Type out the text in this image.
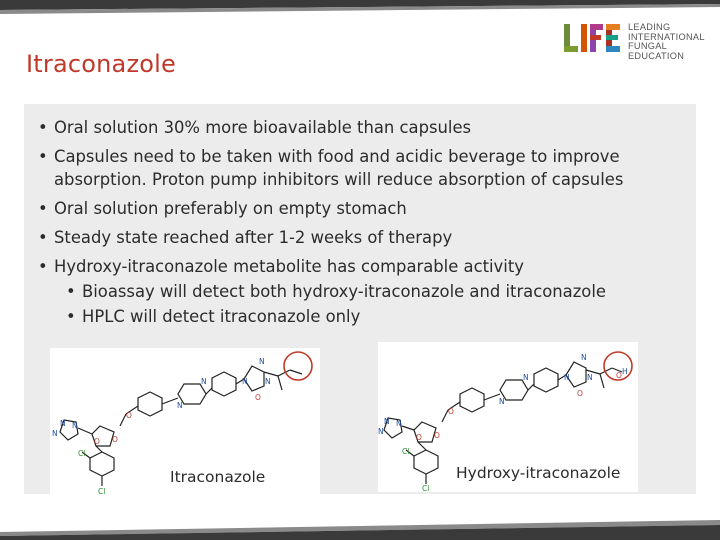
Itraconazole
LEADING
INTERNATIONAL
FUNGAL
EDUCATION
• Oral solution 30% more bioavailable than capsules
• Capsules need to be taken with food and acidic beverage to improve absorption. Proton pump inhibitors will reduce absorption of capsules
• Oral solution preferably on empty stomach
• Steady state reached after 1-2 weeks of therapy
• Hydroxy-itraconazole metabolite has comparable activity
• Bioassay will detect both hydroxy-itraconazole and itraconazole
• HPLC will detect itraconazole only
N
N
N
N
N
N
N
N
O
O
O
O
Cl
Cl
Itraconazole
N
N
N
N
N
N
N
N
O
O
O
O
O H
Cl
Cl
Hydroxy-itraconazole
